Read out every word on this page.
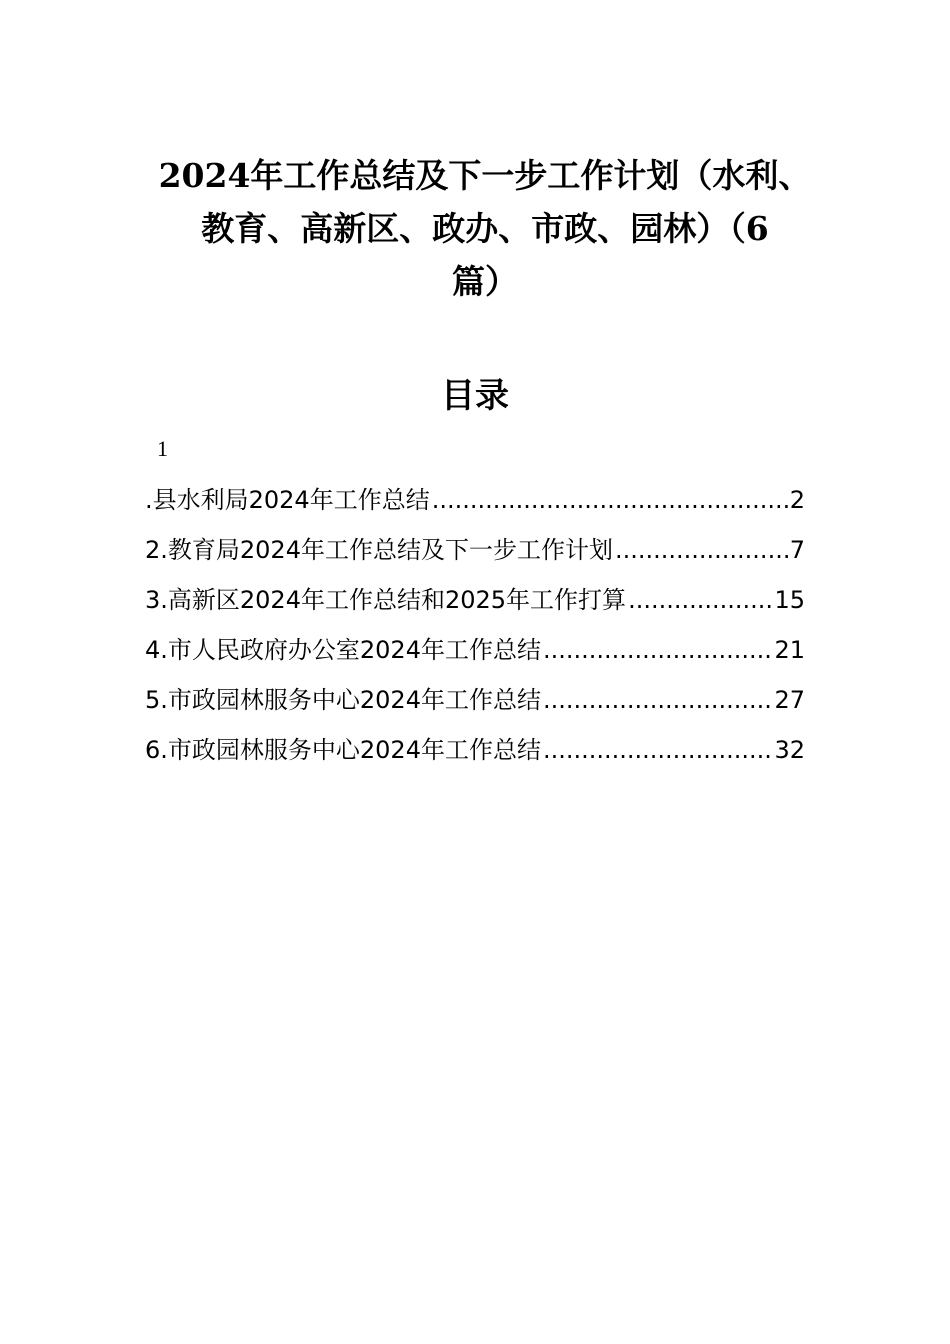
2024年工作总结及下一步工作计划（水利、
教育、高新区、政办、市政、园林）（6
篇）
目录
1
.县水利局2024年工作总结 .....	2
2.教育局2024年工作总结及下一步工作计划 .....	7
3.高新区2024年工作总结和2025年工作打算 .....	15
4.市人民政府办公室2024年工作总结 .....	21
5.市政园林服务中心2024年工作总结 .....	27
6.市政园林服务中心2024年工作总结 .....	32
